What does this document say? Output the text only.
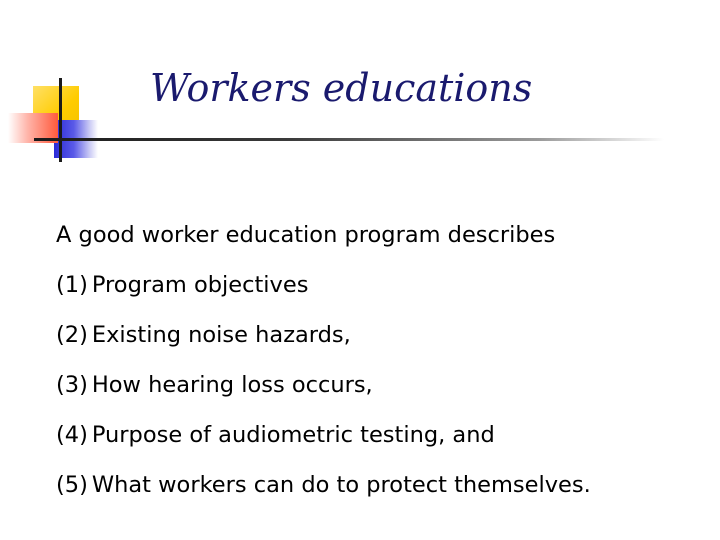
Workers educations

A good worker education program describes

(1) Program objectives
(2) Existing noise hazards,
(3) How hearing loss occurs,
(4) Purpose of audiometric testing, and
(5) What workers can do to protect themselves.
